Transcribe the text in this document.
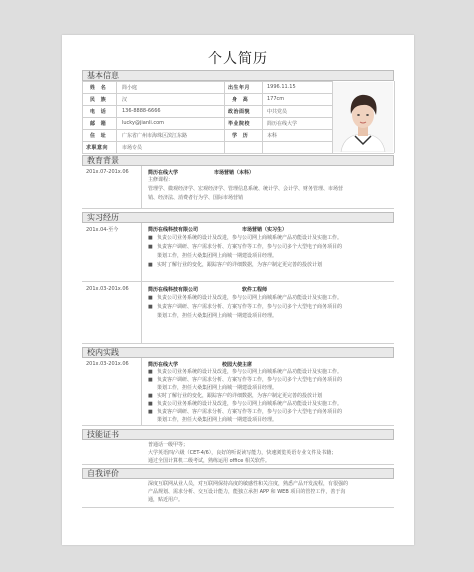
个人简历
基本信息
姓 名	简小庭	出生年月	1996.11.15
民 族	汉	身 高	177cm
电 话	136-8888-6666	政治面貌	中共党员
邮 箱	lucky@jianli.com	毕业院校	简历在线大学
住 址	广东省广州市海珠区滨江东路	学 历	本科
求职意向	市场专员
教育背景
201x.07-201x.06	简历在线大学	市场营销（本科）
主修课程：
管理学、微观经济学、宏观经济学、管理信息系统、统计学、会计学、财务管理、市场营
销、经济法、消费者行为学、国际市场营销
实习经历
201x.04-至今	简历在线科技有限公司	市场营销（实习生）
■ 负责公司业务系统的设计及改进，参与公司网上商城系统产品功能设计及实施工作。
■ 负责客户调研、客户需求分析、方案写作等工作，参与公司多个大型电子商务项目的
策划工作，担任大桑集团网上商城一期建设项目经理。
■ 实时了解行业的变化，跟踪客户的详细数据，为客户制定更完善的投放计划
201x.03-201x.06	简历在线科技有限公司	软件工程师
■ 负责公司业务系统的设计及改进，参与公司网上商城系统产品功能设计及实施工作。
■ 负责客户调研、客户需求分析、方案写作等工作，参与公司多个大型电子商务项目的
策划工作，担任大桑集团网上商城一期建设项目经理。
校内实践
201x.03-201x.06	简历在线大学	校园大使主席
■ 负责公司业务系统的设计及改进，参与公司网上商城系统产品功能设计及实施工作。
■ 负责客户调研、客户需求分析、方案写作等工作，参与公司多个大型电子商务项目的
策划工作，担任大桑集团网上商城一期建设项目经理。
■ 实时了解行业的变化，跟踪客户的详细数据，为客户制定更完善的投放计划
■ 负责公司业务系统的设计及改进，参与公司网上商城系统产品功能设计及实施工作。
■ 负责客户调研、客户需求分析、方案写作等工作，参与公司多个大型电子商务项目的
策划工作，担任大桑集团网上商城一期建设项目经理。
技能证书
普通话一级甲等；
大学英语四/六级（CET-4/6），良好的听说读写能力，快速浏览英语专业文件及书籍；
通过全国计算机二级考试，熟练运用 office 相关软件。
自我评价
深度互联网从业人员，对互联网保持高度的敏感性和关注度，熟悉产品开发流程，有很强的
产品规划、需求分析、交互设计能力，能独立承担 APP 和 WEB 项目的管控工作，善于沟
通，贴近用户。
